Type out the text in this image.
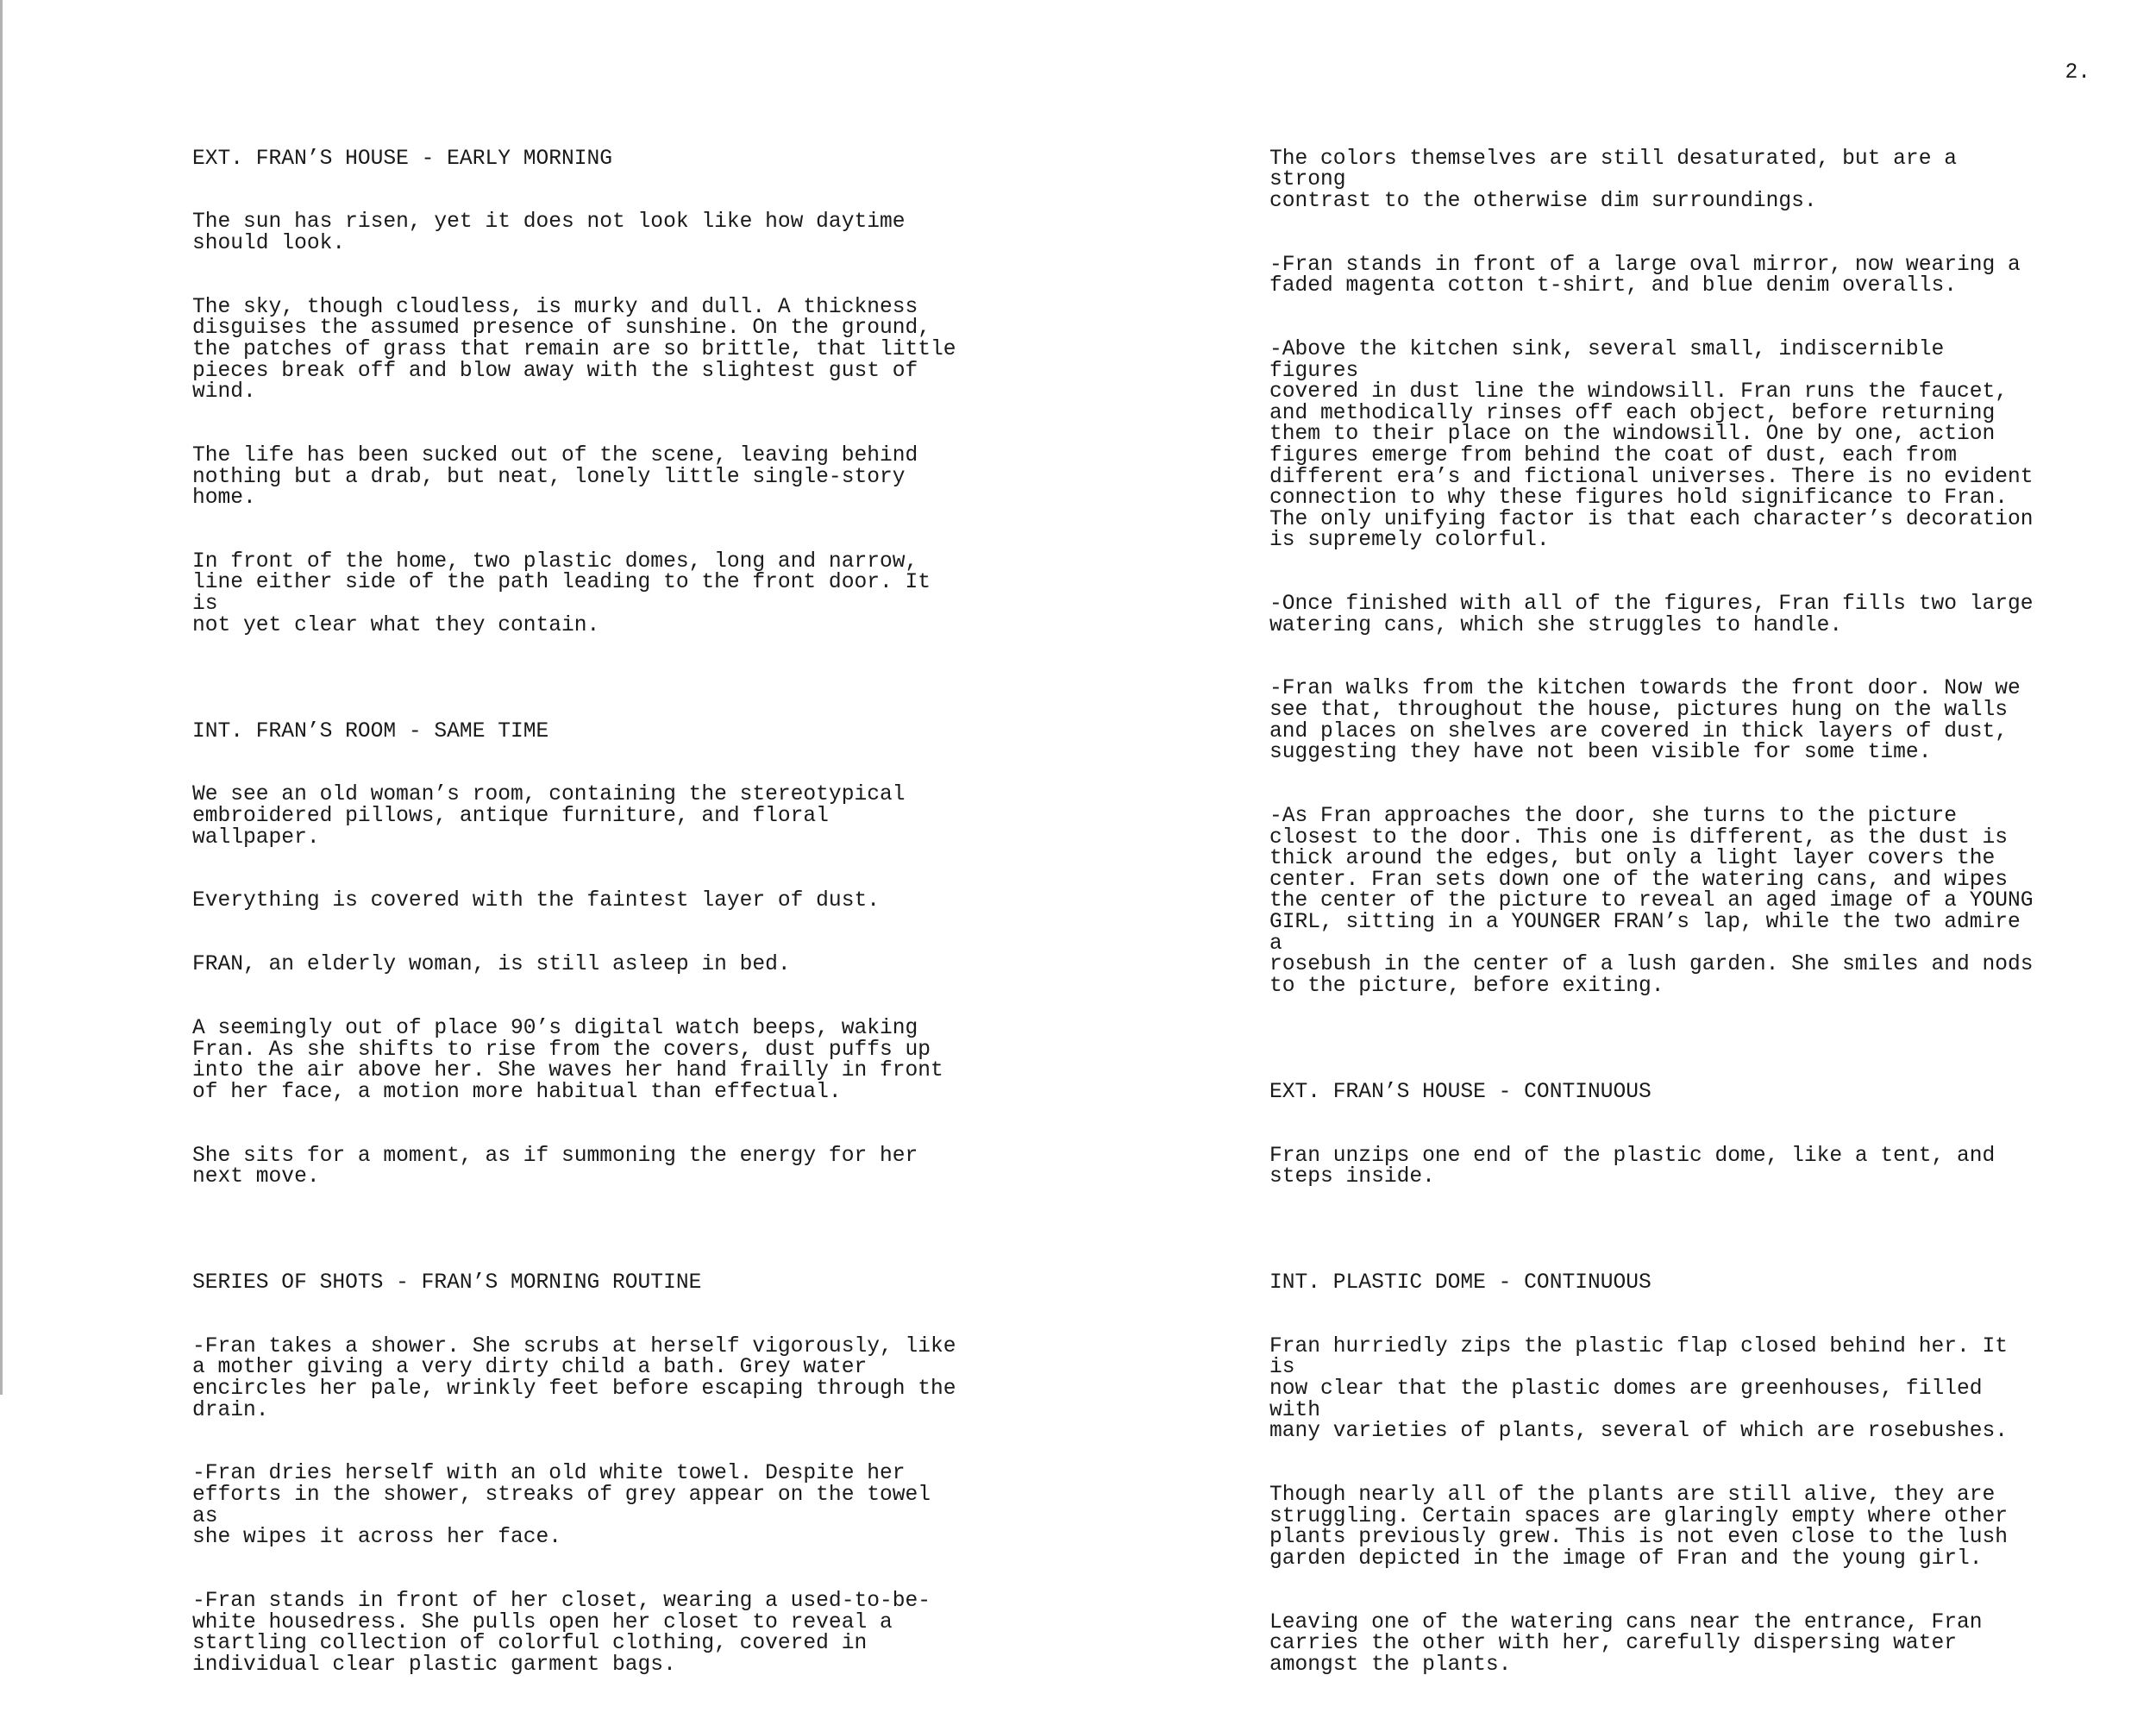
EXT. FRAN’S HOUSE - EARLY MORNING

The sun has risen, yet it does not look like how daytime
should look.

The sky, though cloudless, is murky and dull. A thickness
disguises the assumed presence of sunshine. On the ground,
the patches of grass that remain are so brittle, that little
pieces break off and blow away with the slightest gust of
wind.

The life has been sucked out of the scene, leaving behind
nothing but a drab, but neat, lonely little single-story
home.

In front of the home, two plastic domes, long and narrow,
line either side of the path leading to the front door. It is
not yet clear what they contain.

INT. FRAN’S ROOM - SAME TIME

We see an old woman’s room, containing the stereotypical
embroidered pillows, antique furniture, and floral wallpaper.

Everything is covered with the faintest layer of dust.

FRAN, an elderly woman, is still asleep in bed.

A seemingly out of place 90’s digital watch beeps, waking
Fran. As she shifts to rise from the covers, dust puffs up
into the air above her. She waves her hand frailly in front
of her face, a motion more habitual than effectual.

She sits for a moment, as if summoning the energy for her
next move.

SERIES OF SHOTS - FRAN’S MORNING ROUTINE

-Fran takes a shower. She scrubs at herself vigorously, like
a mother giving a very dirty child a bath. Grey water
encircles her pale, wrinkly feet before escaping through the
drain.

-Fran dries herself with an old white towel. Despite her
efforts in the shower, streaks of grey appear on the towel as
she wipes it across her face.

-Fran stands in front of her closet, wearing a used-to-be-
white housedress. She pulls open her closet to reveal a
startling collection of colorful clothing, covered in
individual clear plastic garment bags.

2.

The colors themselves are still desaturated, but are a strong
contrast to the otherwise dim surroundings.

-Fran stands in front of a large oval mirror, now wearing a
faded magenta cotton t-shirt, and blue denim overalls.

-Above the kitchen sink, several small, indiscernible figures
covered in dust line the windowsill. Fran runs the faucet,
and methodically rinses off each object, before returning
them to their place on the windowsill. One by one, action
figures emerge from behind the coat of dust, each from
different era’s and fictional universes. There is no evident
connection to why these figures hold significance to Fran.
The only unifying factor is that each character’s decoration
is supremely colorful.

-Once finished with all of the figures, Fran fills two large
watering cans, which she struggles to handle.

-Fran walks from the kitchen towards the front door. Now we
see that, throughout the house, pictures hung on the walls
and places on shelves are covered in thick layers of dust,
suggesting they have not been visible for some time.

-As Fran approaches the door, she turns to the picture
closest to the door. This one is different, as the dust is
thick around the edges, but only a light layer covers the
center. Fran sets down one of the watering cans, and wipes
the center of the picture to reveal an aged image of a YOUNG
GIRL, sitting in a YOUNGER FRAN’s lap, while the two admire a
rosebush in the center of a lush garden. She smiles and nods
to the picture, before exiting.

EXT. FRAN’S HOUSE - CONTINUOUS

Fran unzips one end of the plastic dome, like a tent, and
steps inside.

INT. PLASTIC DOME - CONTINUOUS

Fran hurriedly zips the plastic flap closed behind her. It is
now clear that the plastic domes are greenhouses, filled with
many varieties of plants, several of which are rosebushes.

Though nearly all of the plants are still alive, they are
struggling. Certain spaces are glaringly empty where other
plants previously grew. This is not even close to the lush
garden depicted in the image of Fran and the young girl.

Leaving one of the watering cans near the entrance, Fran
carries the other with her, carefully dispersing water
amongst the plants.
